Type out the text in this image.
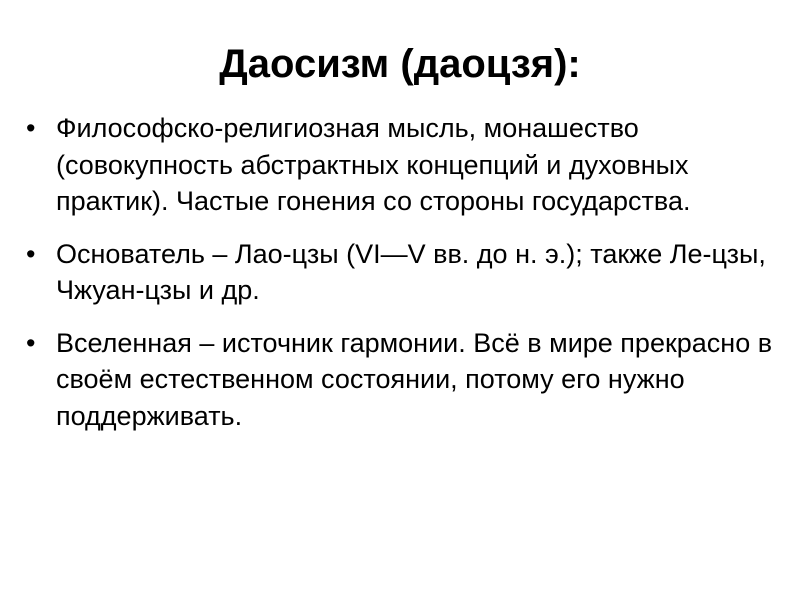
Даосизм (даоцзя):
• Философско-религиозная мысль, монашество (совокупность абстрактных концепций и духовных практик). Частые гонения со стороны государства.
• Основатель – Лао-цзы (VI—V вв. до н. э.); также Ле-цзы, Чжуан-цзы и др.
• Вселенная – источник гармонии. Всё в мире прекрасно в своём естественном состоянии, потому его нужно поддерживать.
